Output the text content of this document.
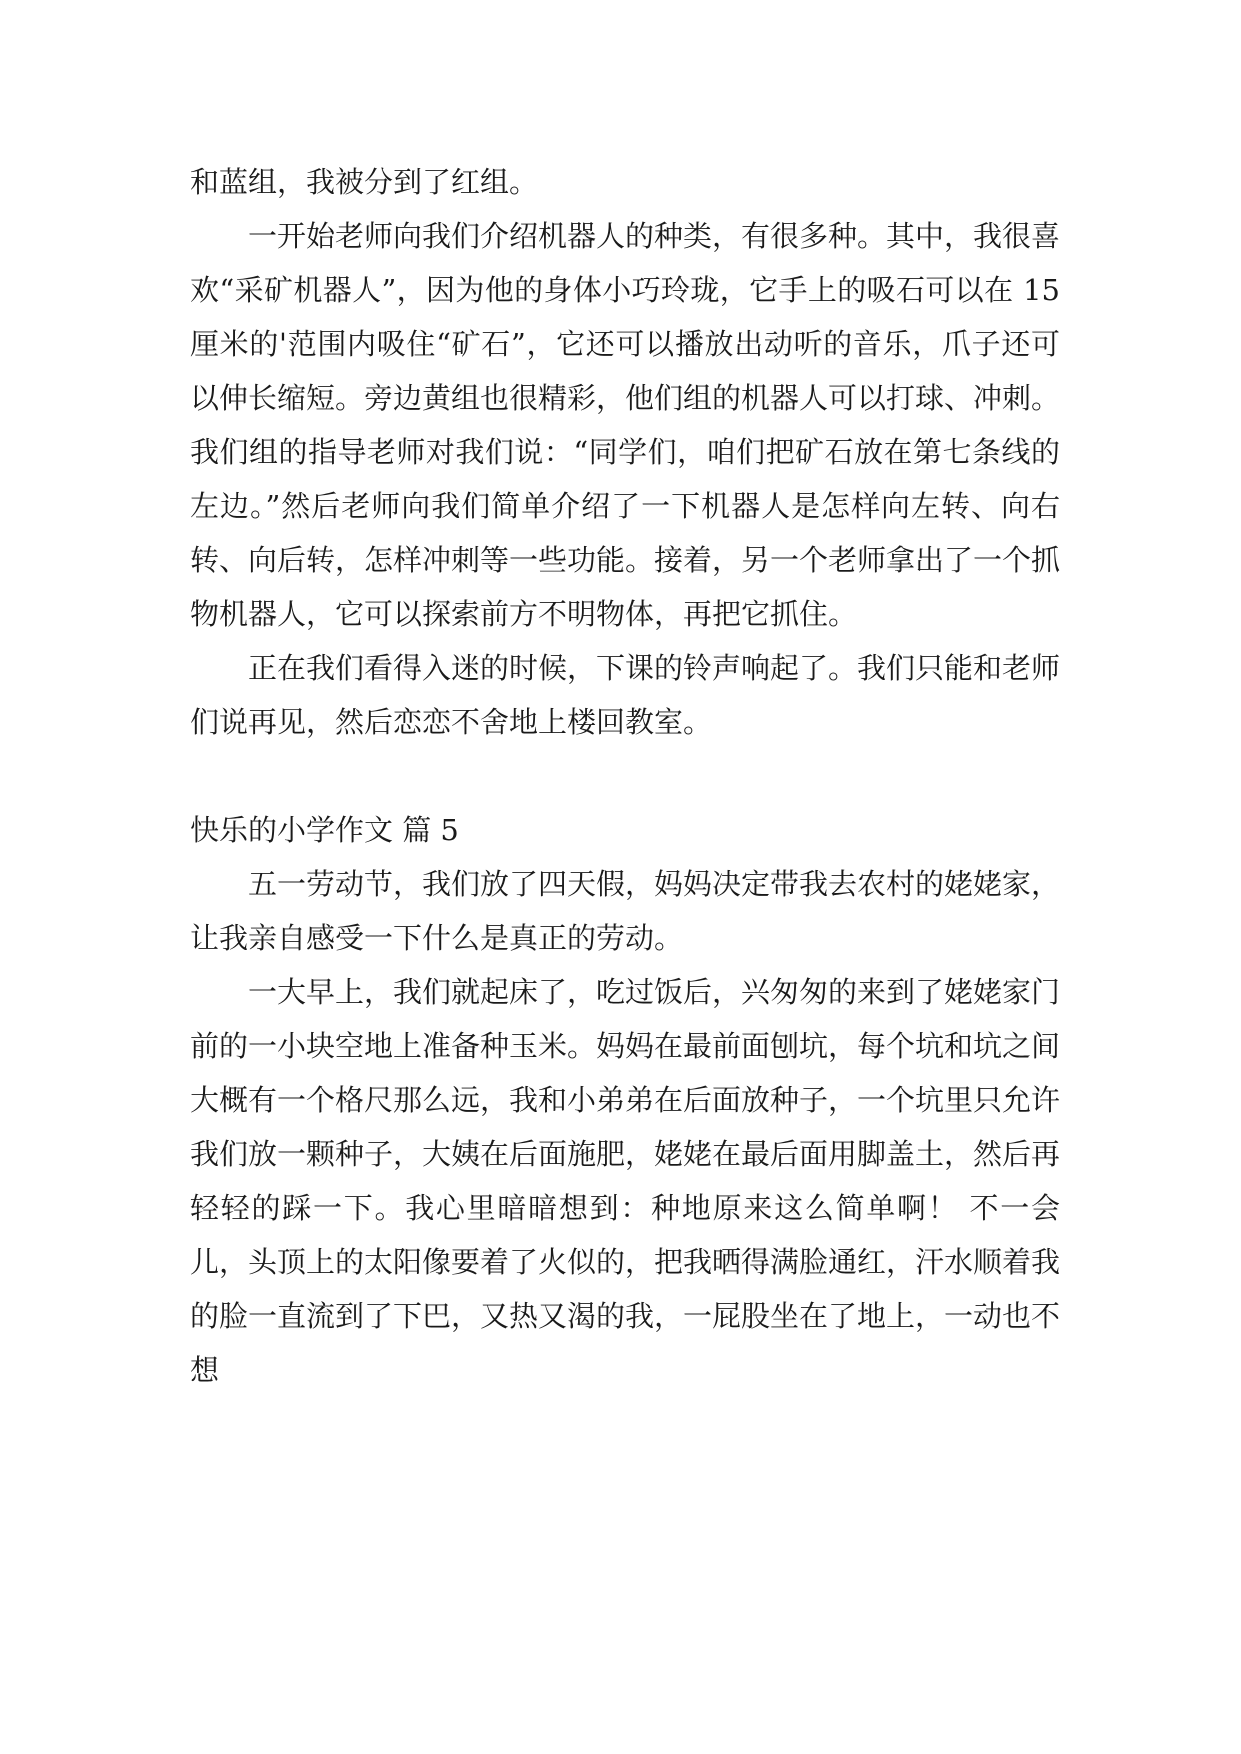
和蓝组，我被分到了红组。

一开始老师向我们介绍机器人的种类，有很多种。其中，我很喜欢“采矿机器人”，因为他的身体小巧玲珑，它手上的吸石可以在 15 厘米的'范围内吸住“矿石”，它还可以播放出动听的音乐，爪子还可以伸长缩短。旁边黄组也很精彩，他们组的机器人可以打球、冲刺。我们组的指导老师对我们说：“同学们，咱们把矿石放在第七条线的左边。”然后老师向我们简单介绍了一下机器人是怎样向左转、向右转、向后转，怎样冲刺等一些功能。接着，另一个老师拿出了一个抓物机器人，它可以探索前方不明物体，再把它抓住。

正在我们看得入迷的时候，下课的铃声响起了。我们只能和老师们说再见，然后恋恋不舍地上楼回教室。

快乐的小学作文 篇 5

五一劳动节，我们放了四天假，妈妈决定带我去农村的姥姥家，让我亲自感受一下什么是真正的劳动。

一大早上，我们就起床了，吃过饭后，兴匆匆的来到了姥姥家门前的一小块空地上准备种玉米。妈妈在最前面刨坑，每个坑和坑之间大概有一个格尺那么远，我和小弟弟在后面放种子，一个坑里只允许我们放一颗种子，大姨在后面施肥，姥姥在最后面用脚盖土，然后再轻轻的踩一下。我心里暗暗想到：种地原来这么简单啊！ 不一会儿，头顶上的太阳像要着了火似的，把我晒得满脸通红，汗水顺着我的脸一直流到了下巴，又热又渴的我，一屁股坐在了地上，一动也不想
